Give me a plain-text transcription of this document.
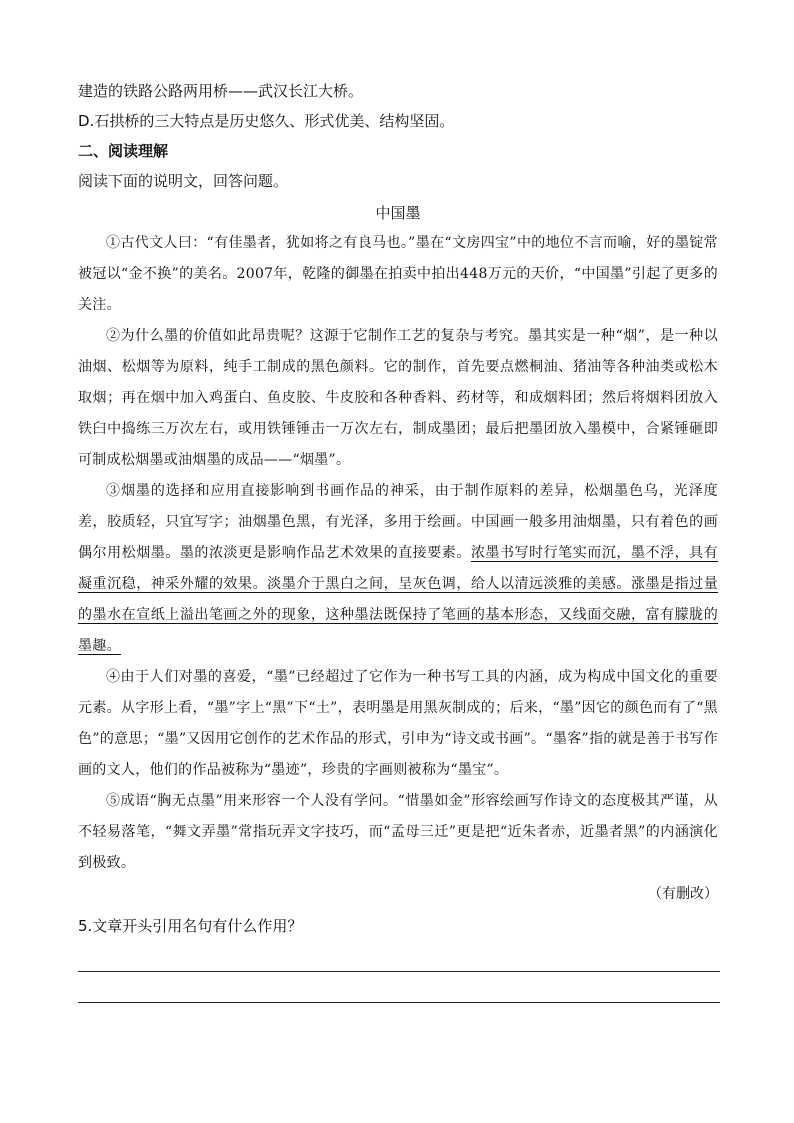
建造的铁路公路两用桥——武汉长江大桥。
D.石拱桥的三大特点是历史悠久、形式优美、结构坚固。
二、阅读理解
阅读下面的说明文，回答问题。
中国墨

①古代文人曰：“有佳墨者，犹如将之有良马也。”墨在“文房四宝”中的地位不言而喻，好的墨锭常被冠以“金不换”的美名。2007年，乾隆的御墨在拍卖中拍出448万元的天价，“中国墨”引起了更多的关注。

②为什么墨的价值如此昂贵呢？这源于它制作工艺的复杂与考究。墨其实是一种“烟”，是一种以油烟、松烟等为原料，纯手工制成的黑色颜料。它的制作，首先要点燃桐油、猪油等各种油类或松木取烟；再在烟中加入鸡蛋白、鱼皮胶、牛皮胶和各种香料、药材等，和成烟料团；然后将烟料团放入铁臼中捣练三万次左右，或用铁锤锤击一万次左右，制成墨团；最后把墨团放入墨模中，合紧锤砸即可制成松烟墨或油烟墨的成品——“烟墨”。

③烟墨的选择和应用直接影响到书画作品的神采，由于制作原料的差异，松烟墨色乌，光泽度差，胶质轻，只宜写字；油烟墨色黑，有光泽，多用于绘画。中国画一般多用油烟墨，只有着色的画偶尔用松烟墨。墨的浓淡更是影响作品艺术效果的直接要素。浓墨书写时行笔实而沉，墨不浮，具有凝重沉稳，神采外耀的效果。淡墨介于黑白之间，呈灰色调，给人以清远淡雅的美感。涨墨是指过量的墨水在宣纸上溢出笔画之外的现象，这种墨法既保持了笔画的基本形态，又线面交融，富有朦胧的墨趣。

④由于人们对墨的喜爱，“墨”已经超过了它作为一种书写工具的内涵，成为构成中国文化的重要元素。从字形上看，“墨”字上“黑”下“土”，表明墨是用黑灰制成的；后来，“墨”因它的颜色而有了“黑色”的意思；“墨”又因用它创作的艺术作品的形式，引申为“诗文或书画”。“墨客”指的就是善于书写作画的文人，他们的作品被称为“墨迹”，珍贵的字画则被称为“墨宝”。

⑤成语“胸无点墨”用来形容一个人没有学问。“惜墨如金”形容绘画写作诗文的态度极其严谨，从不轻易落笔，“舞文弄墨”常指玩弄文字技巧，而“孟母三迁”更是把“近朱者赤，近墨者黑”的内涵演化到极致。

（有删改）
5.文章开头引用名句有什么作用？
